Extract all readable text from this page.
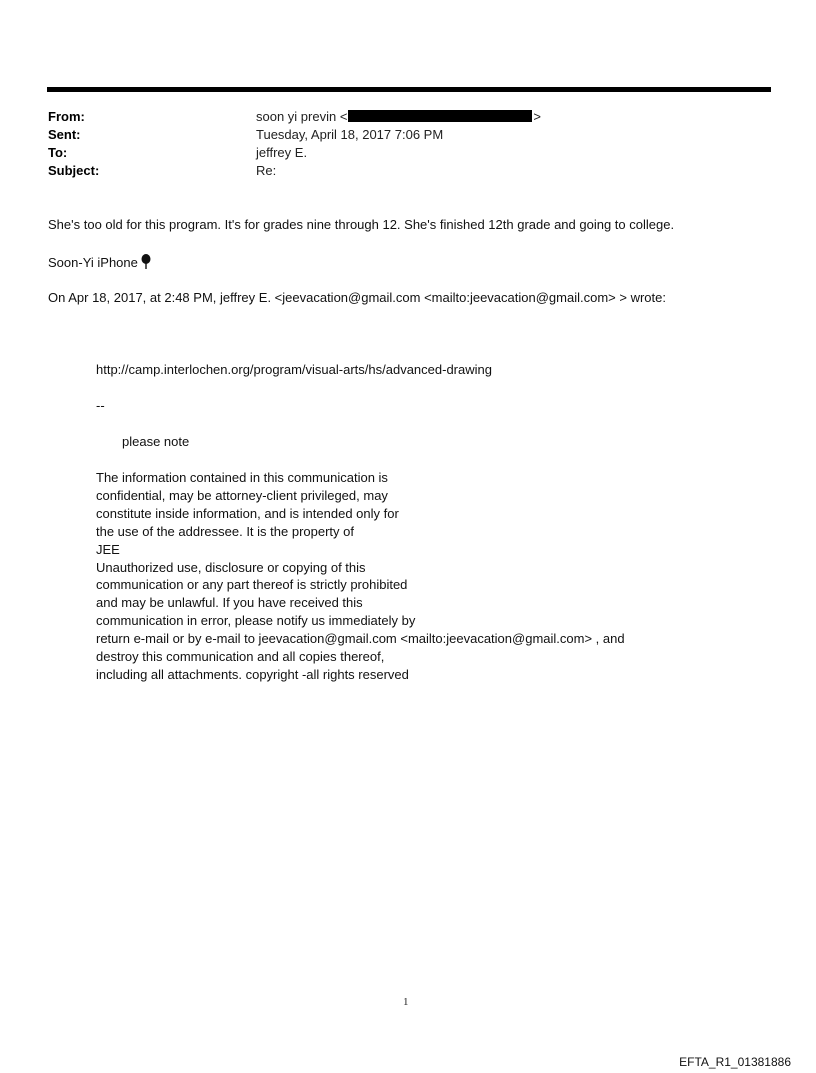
From:	soon yi previn <	>
Sent:	Tuesday, April 18, 2017 7:06 PM
To:	jeffrey E.
Subject:	Re:
She's too old for this program. It's for grades nine through 12. She's finished 12th grade and going to college.
Soon-Yi iPhone
On Apr 18, 2017, at 2:48 PM, jeffrey E. <jeevacation@gmail.com <mailto:jeevacation@gmail.com> > wrote:
http://camp.interlochen.org/program/visual-arts/hs/advanced-drawing
--
please note
The information contained in this communication is
confidential, may be attorney-client privileged, may
constitute inside information, and is intended only for
the use of the addressee. It is the property of
JEE
Unauthorized use, disclosure or copying of this
communication or any part thereof is strictly prohibited
and may be unlawful. If you have received this
communication in error, please notify us immediately by
return e-mail or by e-mail to jeevacation@gmail.com <mailto:jeevacation@gmail.com> , and
destroy this communication and all copies thereof,
including all attachments. copyright -all rights reserved
1
EFTA_R1_01381886
